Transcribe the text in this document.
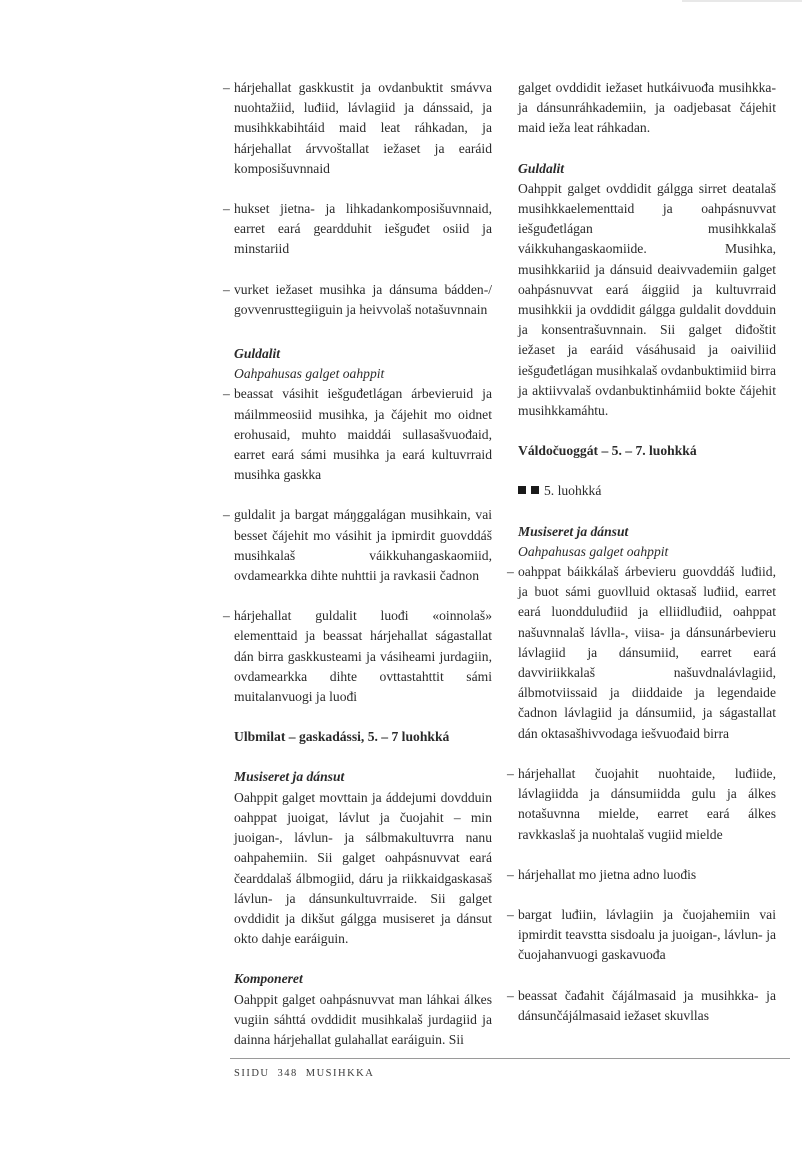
– hárjehallat gaskkustit ja ovdanbuktit smávva nuohtažiid, luđiid, lávlagiid ja dánssaid, ja musihkkabihtáid maid leat ráhkadan, ja hárjehallat árvvoštallat iežaset ja earáid komposišuvnnaid
– hukset jietna- ja lihkadankomposišuvnnaid, earret eará geardduhit iešguđet osiid ja minstariid
– vurket iežaset musihka ja dánsuma bádden-/ govvenrusttegiiguin ja heivvolaš notašuvnnain
Guldalit
Oahpahusas galget oahppit
– beassat vásihit iešguđetlágan árbevieruid ja máilmmeosiid musihka, ja čájehit mo oidnet erohusaid, muhto maiddái sullasašvuođaid, earret eará sámi musihka ja eará kultuvrraid musihka gaskka
– guldalit ja bargat máŋggalágan musihkain, vai besset čájehit mo vásihit ja ipmirdit guovddáš musihkalaš váikkuhangaskaomiid, ovdamearkka dihte nuhttii ja ravkasii čadnon
– hárjehallat guldalit luođi «oinnolaš» elementtaid ja beassat hárjehallat ságastallat dán birra gaskkusteami ja vásiheami jurdagiin, ovdamearkka dihte ovttastahttit sámi muitalanvuogi ja luođi
Ulbmilat – gaskadássi, 5. – 7 luohkká
Musiseret ja dánsut
Oahppit galget movttain ja áddejumi dovdduin oahppat juoigat, lávlut ja čuojahit – min juoigan-, lávlun- ja sálbmakultuvrra nanu oahpahemiin. Sii galget oahpásnuvvat eará čearddalaš álbmogiid, dáru ja riikkaidgaskasaš lávlun- ja dánsunkultuvrraide. Sii galget ovddidit ja dikšut gálgga musiseret ja dánsut okto dahje earáiguin.
Komponeret
Oahppit galget oahpásnuvvat man láhkai álkes vugiin sáhttá ovddidit musihkalaš jurdagiid ja dainna hárjehallat gulahallat earáiguin. Sii
galget ovddidit iežaset hutkáivuođa musihkka- ja dánsunráhkademiin, ja oadjebasat čájehit maid ieža leat ráhkadan.
Guldalit
Oahppit galget ovddidit gálgga sirret deatalaš musihkkaelementtaid ja oahpásnuvvat iešguđetlágan musihkkalaš váikkuhangaskaomiide. Musihka, musihkkariid ja dánsuid deaivvademiin galget oahpásnuvvat eará áiggiid ja kultuvrraid musihkkii ja ovddidit gálgga guldalit dovdduin ja konsentrašuvnnain. Sii galget diđoštit iežaset ja earáid vásáhusaid ja oaiviliid iešguđetlágan musihkalaš ovdanbuktimiid birra ja aktiivvalaš ovdanbuktinhámiid bokte čájehit musihkkamáhtu.
Váldočuoggát – 5. – 7. luohkká
5. luohkká
Musiseret ja dánsut
Oahpahusas galget oahppit
– oahppat báikkálaš árbevieru guovddáš luđiid, ja buot sámi guovlluid oktasaš luđiid, earret eará luondduluđiid ja elliidluđiid, oahppat našuvnnalaš lávlla-, viisa- ja dánsunárbevieru lávlagiid ja dánsumiid, earret eará davviriikkalaš našuvdnalávlagiid, álbmotviissaid ja diiddaide ja legendaide čadnon lávlagiid ja dánsumiid, ja ságastallat dán oktasašhivvodaga iešvuođaid birra
– hárjehallat čuojahit nuohtaide, luđiide, lávlagiidda ja dánsumiidda gulu ja álkes notašuvnna mielde, earret eará álkes ravkkaslaš ja nuohtalaš vugiid mielde
– hárjehallat mo jietna adno luođis
– bargat luđiin, lávlagiin ja čuojahemiin vai ipmirdit teavstta sisdoalu ja juoigan-, lávlun- ja čuojahanvuogi gaskavuođa
– beassat čađahit čájálmasaid ja musihkka- ja dánsunčájálmasaid iežaset skuvllas
SIIDU 348 MUSIHKKA
